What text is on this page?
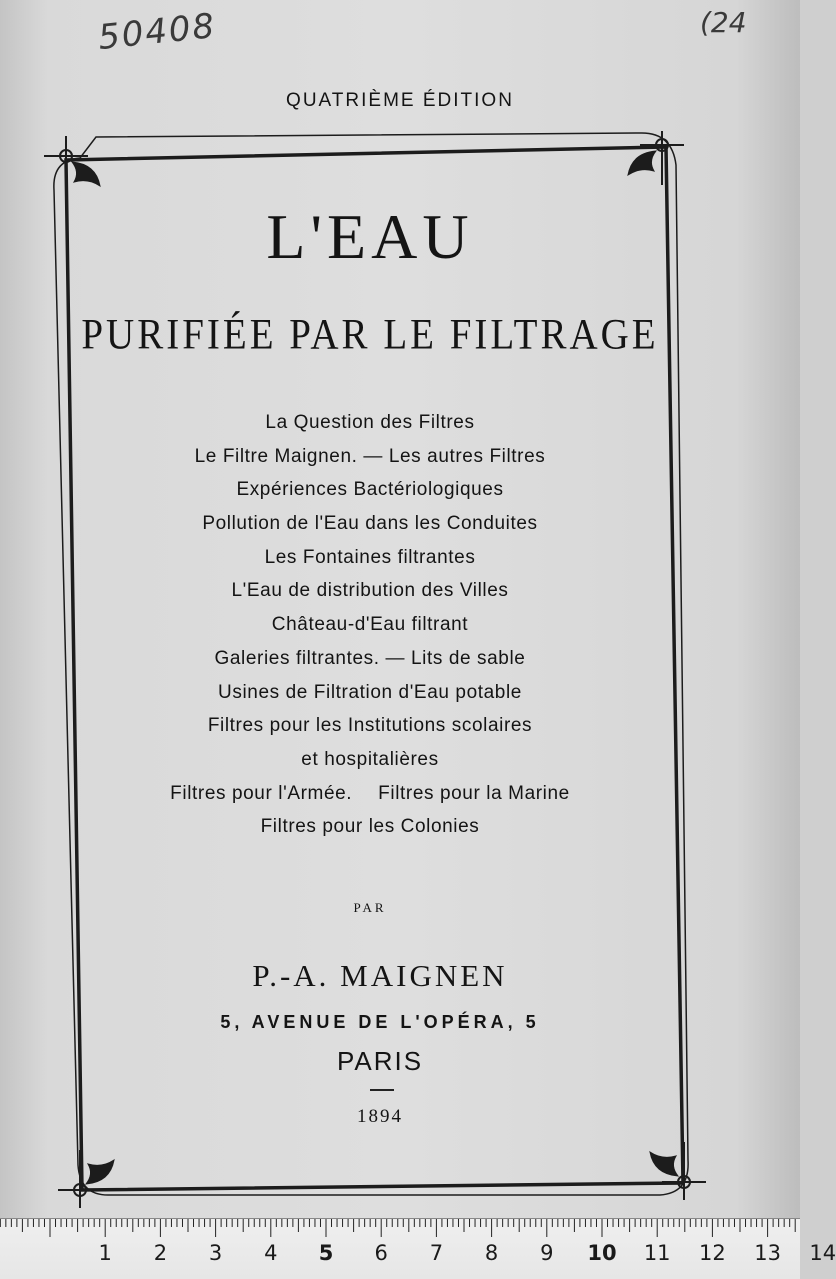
50408	(24
QUATRIÈME ÉDITION
L'EAU
PURIFIÉE PAR LE FILTRAGE
La Question des Filtres
Le Filtre Maignen. — Les autres Filtres
Expériences Bactériologiques
Pollution de l'Eau dans les Conduites
Les Fontaines filtrantes
L'Eau de distribution des Villes
Château-d'Eau filtrant
Galeries filtrantes. — Lits de sable
Usines de Filtration d'Eau potable
Filtres pour les Institutions scolaires
et hospitalières
Filtres pour l'Armée. Filtres pour la Marine
Filtres pour les Colonies
PAR
P.-A. MAIGNEN
5, AVENUE DE L'OPÉRA, 5
PARIS
1894
1 2 3 4 5 6 7 8 9 10 11 12 13 14
